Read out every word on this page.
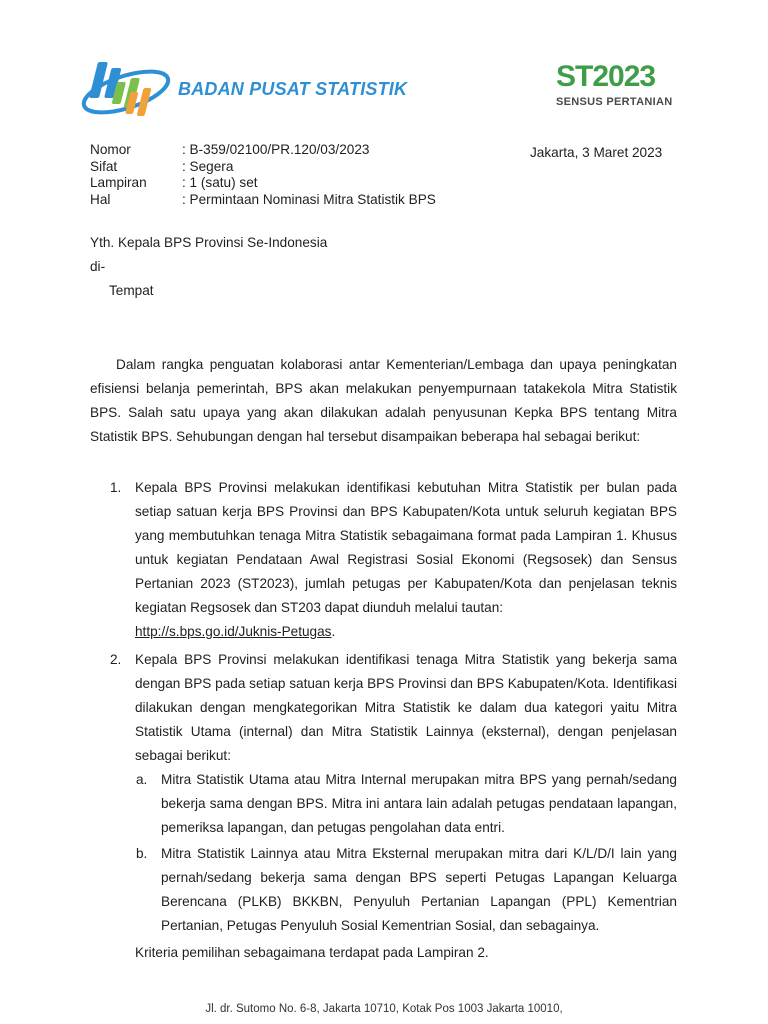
BADAN PUSAT STATISTIK	ST2023
SENSUS PERTANIAN
Nomor	: B-359/02100/PR.120/03/2023
Sifat	: Segera
Lampiran	: 1 (satu) set
Hal	: Permintaan Nominasi Mitra Statistik BPS
Jakarta, 3 Maret 2023
Yth. Kepala BPS Provinsi Se-Indonesia
di-
Tempat
Dalam rangka penguatan kolaborasi antar Kementerian/Lembaga dan upaya peningkatan efisiensi belanja pemerintah, BPS akan melakukan penyempurnaan tatakekola Mitra Statistik BPS. Salah satu upaya yang akan dilakukan adalah penyusunan Kepka BPS tentang Mitra Statistik BPS. Sehubungan dengan hal tersebut disampaikan beberapa hal sebagai berikut:
1. Kepala BPS Provinsi melakukan identifikasi kebutuhan Mitra Statistik per bulan pada setiap satuan kerja BPS Provinsi dan BPS Kabupaten/Kota untuk seluruh kegiatan BPS yang membutuhkan tenaga Mitra Statistik sebagaimana format pada Lampiran 1. Khusus untuk kegiatan Pendataan Awal Registrasi Sosial Ekonomi (Regsosek) dan Sensus Pertanian 2023 (ST2023), jumlah petugas per Kabupaten/Kota dan penjelasan teknis kegiatan Regsosek dan ST203 dapat diunduh melalui tautan:
http://s.bps.go.id/Juknis-Petugas.
2. Kepala BPS Provinsi melakukan identifikasi tenaga Mitra Statistik yang bekerja sama dengan BPS pada setiap satuan kerja BPS Provinsi dan BPS Kabupaten/Kota. Identifikasi dilakukan dengan mengkategorikan Mitra Statistik ke dalam dua kategori yaitu Mitra Statistik Utama (internal) dan Mitra Statistik Lainnya (eksternal), dengan penjelasan sebagai berikut:
a. Mitra Statistik Utama atau Mitra Internal merupakan mitra BPS yang pernah/sedang bekerja sama dengan BPS. Mitra ini antara lain adalah petugas pendataan lapangan, pemeriksa lapangan, dan petugas pengolahan data entri.
b. Mitra Statistik Lainnya atau Mitra Eksternal merupakan mitra dari K/L/D/I lain yang pernah/sedang bekerja sama dengan BPS seperti Petugas Lapangan Keluarga Berencana (PLKB) BKKBN, Penyuluh Pertanian Lapangan (PPL) Kementrian Pertanian, Petugas Penyuluh Sosial Kementrian Sosial, dan sebagainya.
Kriteria pemilihan sebagaimana terdapat pada Lampiran 2.
Jl. dr. Sutomo No. 6-8, Jakarta 10710, Kotak Pos 1003 Jakarta 10010,
